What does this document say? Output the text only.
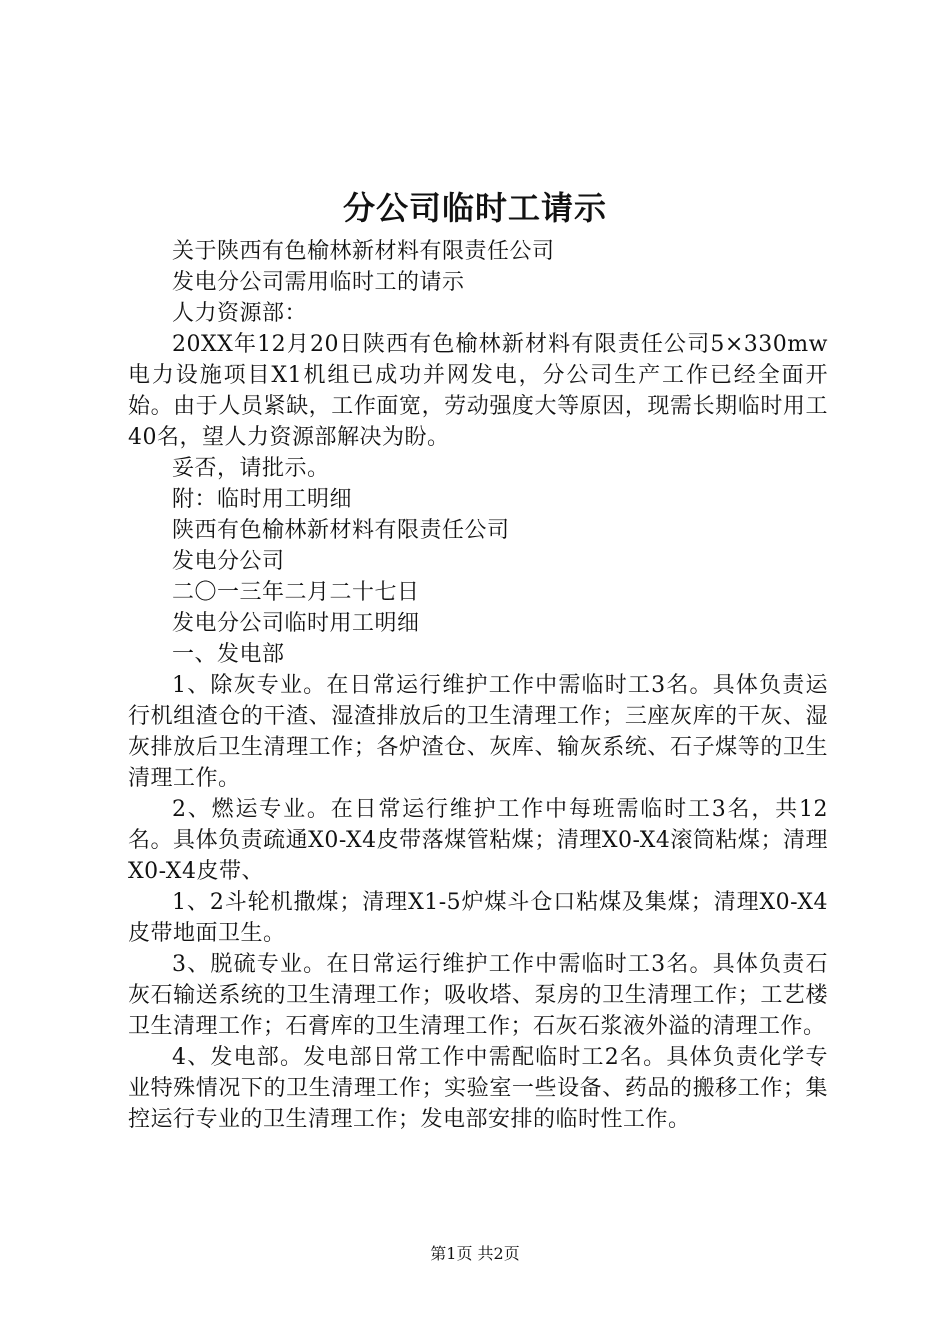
分公司临时工请示

关于陕西有色榆林新材料有限责任公司

发电分公司需用临时工的请示

人力资源部：

20XX年12月20日陕西有色榆林新材料有限责任公司5×330mw电力设施项目X1机组已成功并网发电，分公司生产工作已经全面开始。由于人员紧缺，工作面宽，劳动强度大等原因，现需长期临时用工40名，望人力资源部解决为盼。

妥否，请批示。

附：临时用工明细

陕西有色榆林新材料有限责任公司

发电分公司

二〇一三年二月二十七日

发电分公司临时用工明细

一、发电部

1、除灰专业。在日常运行维护工作中需临时工3名。具体负责运行机组渣仓的干渣、湿渣排放后的卫生清理工作；三座灰库的干灰、湿灰排放后卫生清理工作；各炉渣仓、灰库、输灰系统、石子煤等的卫生清理工作。

2、燃运专业。在日常运行维护工作中每班需临时工3名，共12名。具体负责疏通X0-X4皮带落煤管粘煤；清理X0-X4滚筒粘煤；清理X0-X4皮带、

1、2斗轮机撒煤；清理X1-5炉煤斗仓口粘煤及集煤；清理X0-X4皮带地面卫生。

3、脱硫专业。在日常运行维护工作中需临时工3名。具体负责石灰石输送系统的卫生清理工作；吸收塔、泵房的卫生清理工作；工艺楼卫生清理工作；石膏库的卫生清理工作；石灰石浆液外溢的清理工作。

4、发电部。发电部日常工作中需配临时工2名。具体负责化学专业特殊情况下的卫生清理工作；实验室一些设备、药品的搬移工作；集控运行专业的卫生清理工作；发电部安排的临时性工作。

第1页 共2页
